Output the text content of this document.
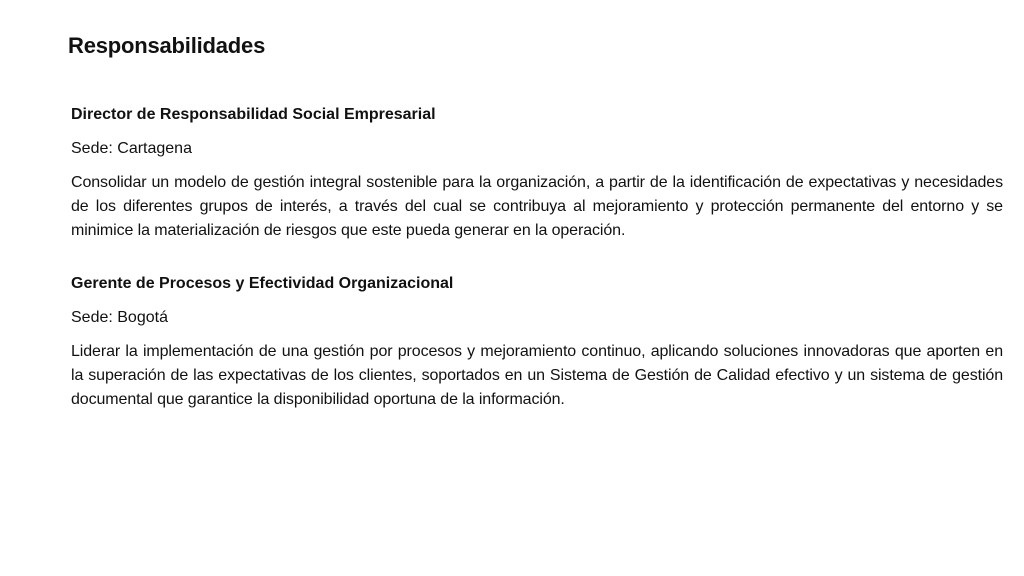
Responsabilidades

Director de Responsabilidad Social Empresarial

Sede: Cartagena

Consolidar un modelo de gestión integral sostenible para la organización, a partir de la identificación de expectativas y necesidades de los diferentes grupos de interés, a través del cual se contribuya al mejoramiento y protección permanente del entorno y se minimice la materialización de riesgos que este pueda generar en la operación.

Gerente de Procesos y Efectividad Organizacional

Sede: Bogotá

Liderar la implementación de una gestión por procesos y mejoramiento continuo, aplicando soluciones innovadoras que aporten en la superación de las expectativas de los clientes, soportados en un Sistema de Gestión de Calidad efectivo y un sistema de gestión documental que garantice la disponibilidad oportuna de la información.
